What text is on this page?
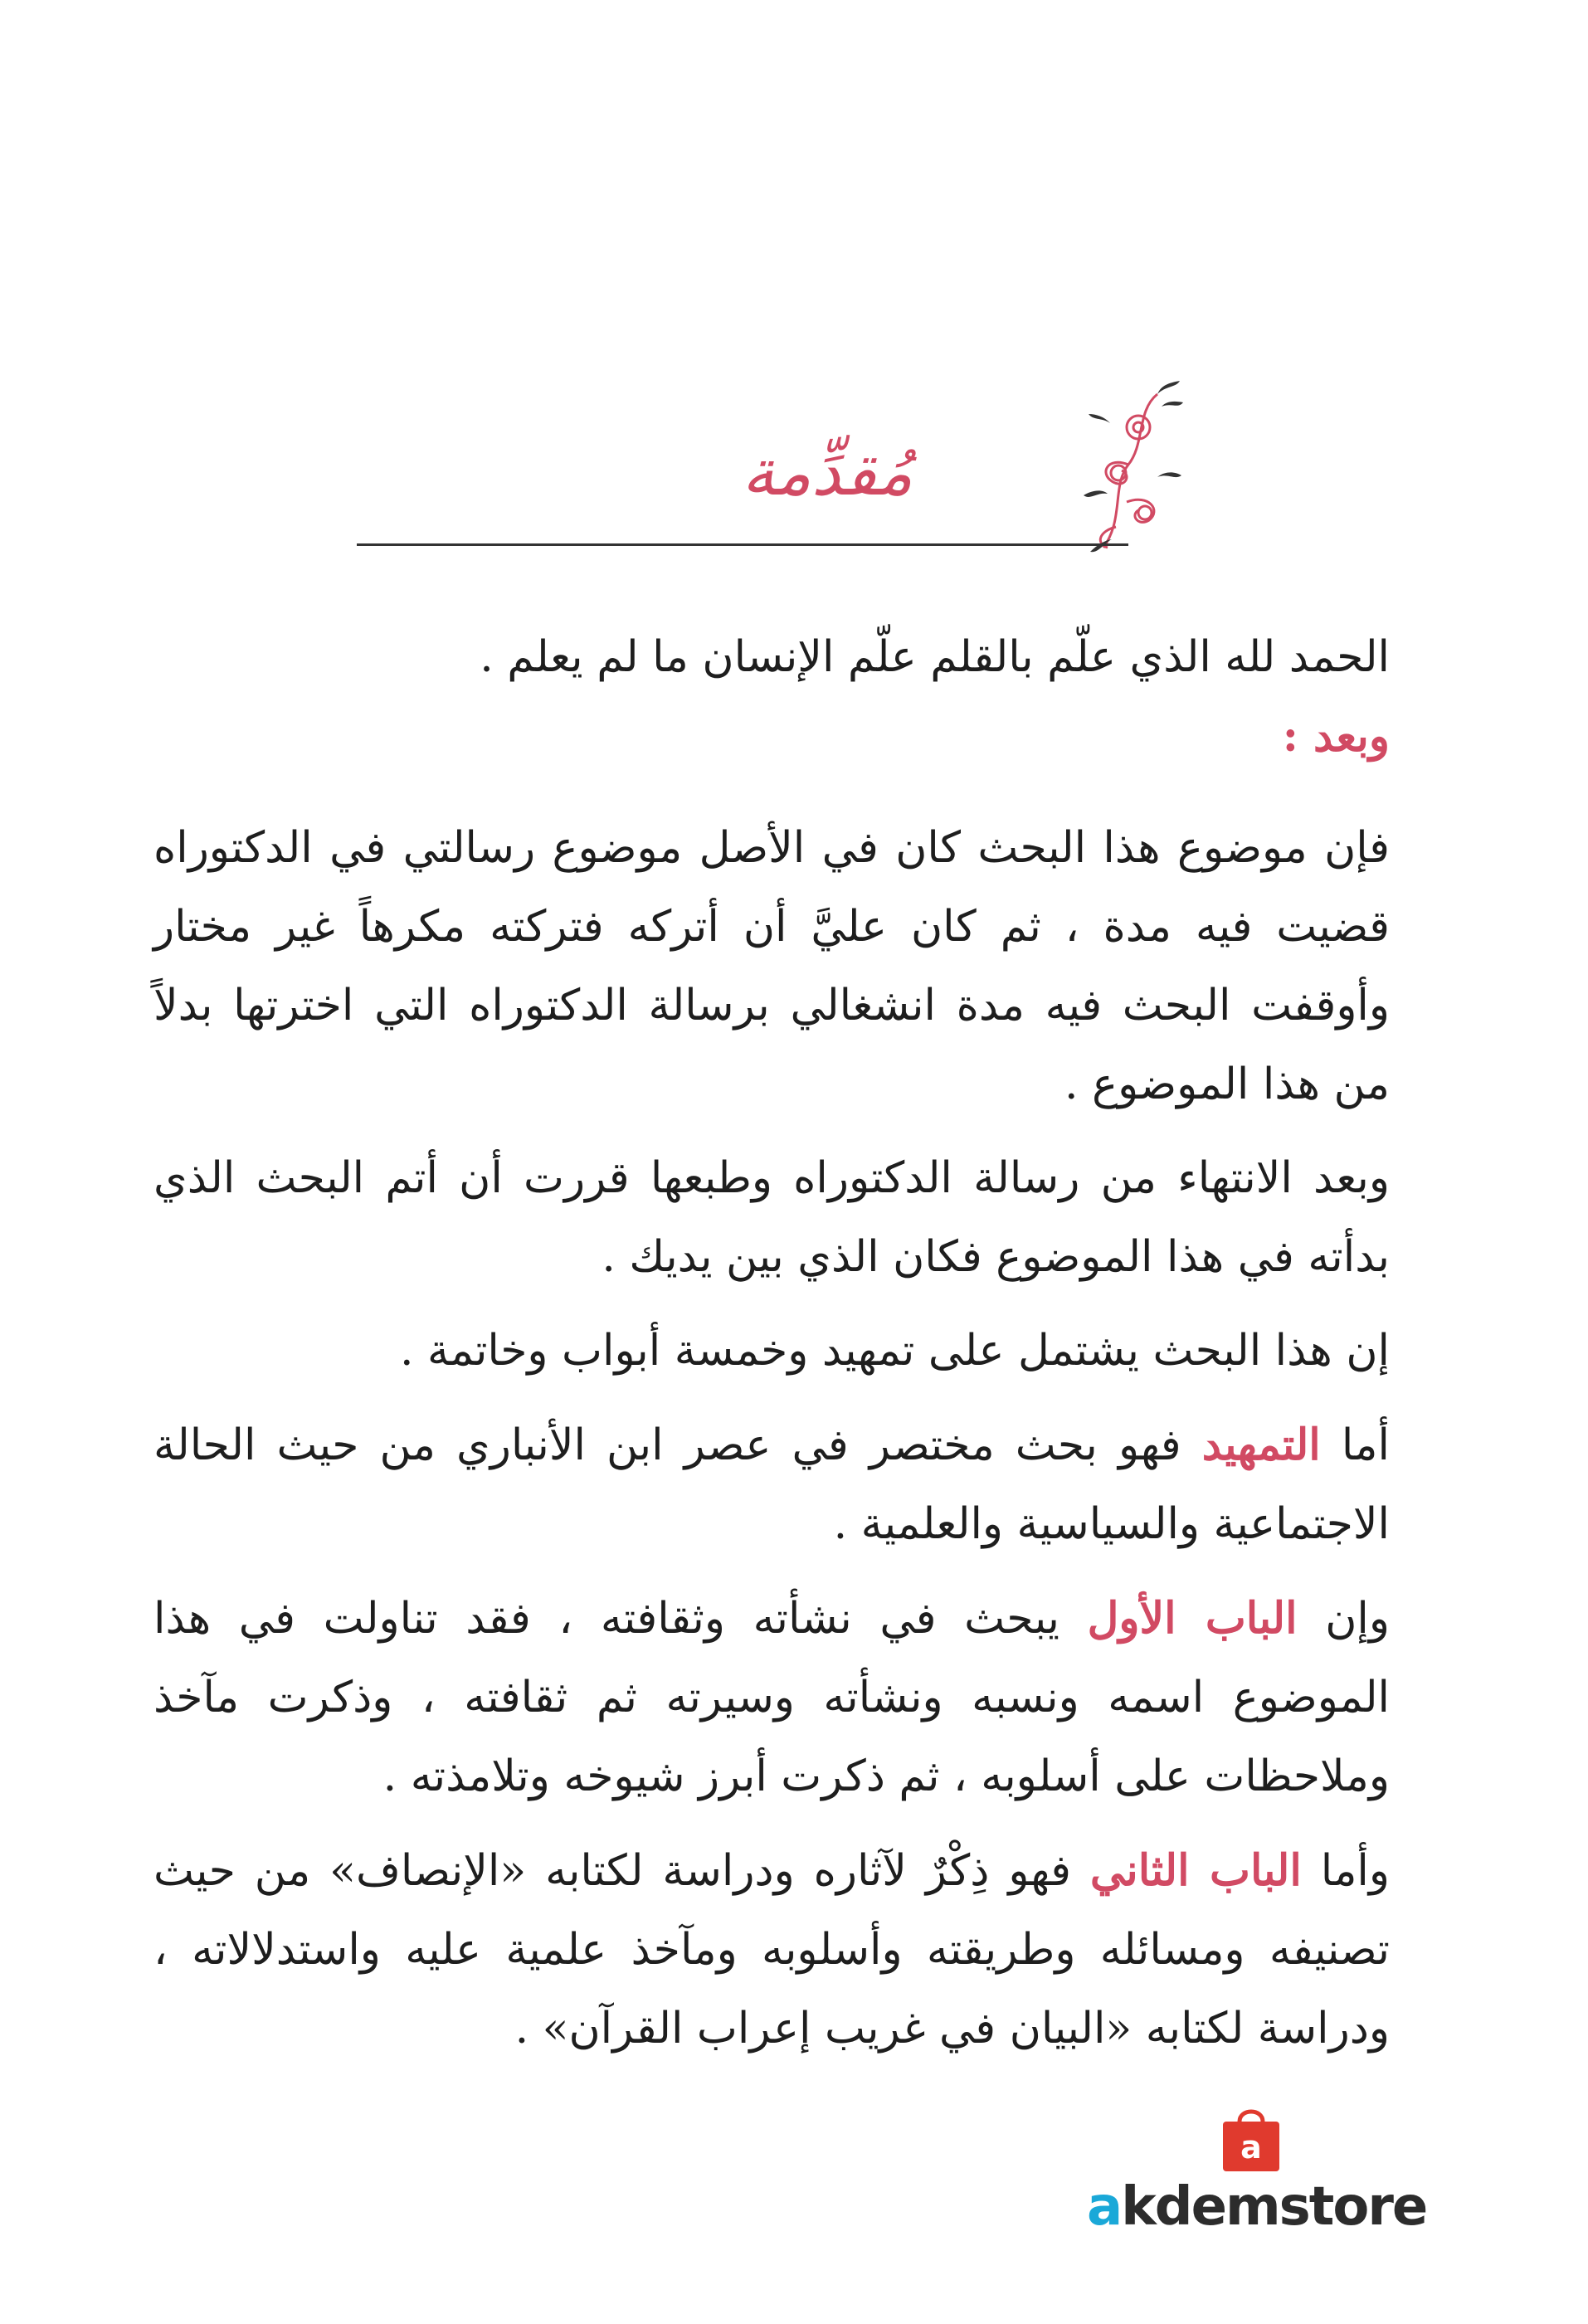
مُقدِّمة

الحمد لله الذي علّم بالقلم علّم الإنسان ما لم يعلم .

وبعد :

فإن موضوع هذا البحث كان في الأصل موضوع رسالتي في الدكتوراه قضيت فيه مدة ، ثم كان عليَّ أن أتركه فتركته مكرهاً غير مختار وأوقفت البحث فيه مدة انشغالي برسالة الدكتوراه التي اخترتها بدلاً من هذا الموضوع .

وبعد الانتهاء من رسالة الدكتوراه وطبعها قررت أن أتم البحث الذي بدأته في هذا الموضوع فكان الذي بين يديك .

إن هذا البحث يشتمل على تمهيد وخمسة أبواب وخاتمة .

أما التمهيد فهو بحث مختصر في عصر ابن الأنباري من حيث الحالة الاجتماعية والسياسية والعلمية .

وإن الباب الأول يبحث في نشأته وثقافته ، فقد تناولت في هذا الموضوع اسمه ونسبه ونشأته وسيرته ثم ثقافته ، وذكرت مآخذ وملاحظات على أسلوبه ، ثم ذكرت أبرز شيوخه وتلامذته .

وأما الباب الثاني فهو ذِكْرٌ لآثاره ودراسة لكتابه «الإنصاف» من حيث تصنيفه ومسائله وطريقته وأسلوبه ومآخذ علمية عليه واستدلالاته ، ودراسة لكتابه «البيان في غريب إعراب القرآن» .

a
akdemstore
